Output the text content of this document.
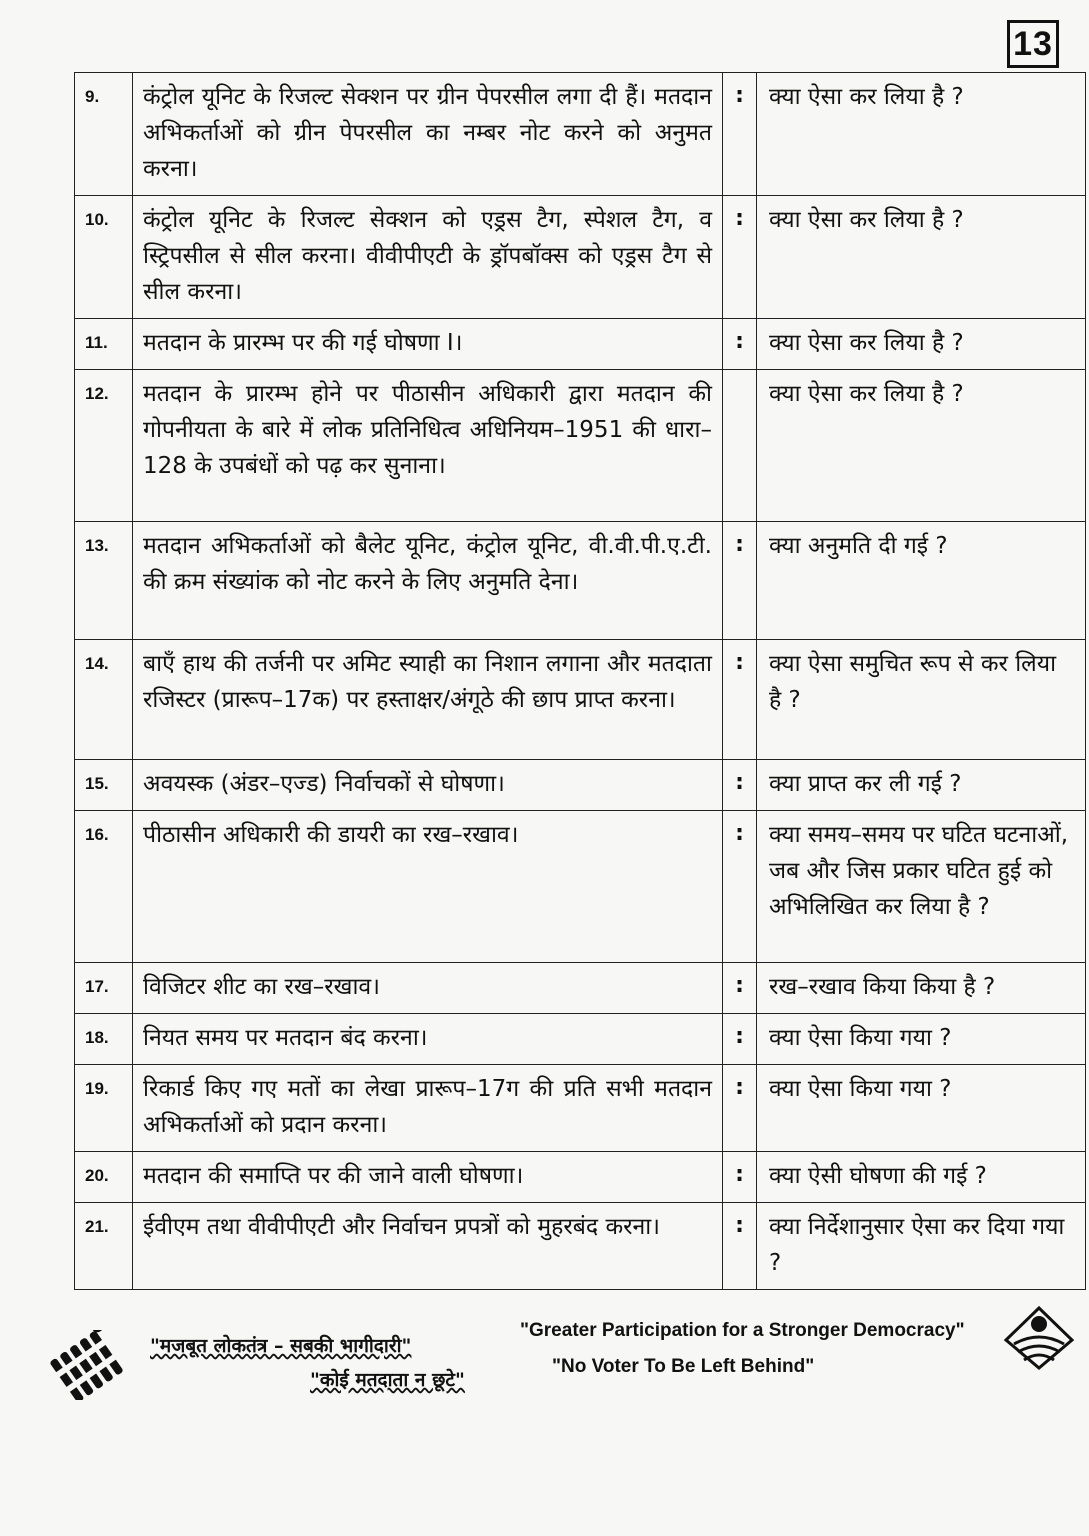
13
9.	कंट्रोल यूनिट के रिजल्ट सेक्शन पर ग्रीन पेपरसील लगा दी हैं। मतदान अभिकर्ताओं को ग्रीन पेपरसील का नम्बर नोट करने को अनुमत करना।	:	क्या ऐसा कर लिया है ?
10.	कंट्रोल यूनिट के रिजल्ट सेक्शन को एड्रस टैग, स्पेशल टैग, व स्ट्रिपसील से सील करना। वीवीपीएटी के ड्रॉपबॉक्स को एड्रस टैग से सील करना।	:	क्या ऐसा कर लिया है ?
11.	मतदान के प्रारम्भ पर की गई घोषणा I।	:	क्या ऐसा कर लिया है ?
12.	मतदान के प्रारम्भ होने पर पीठासीन अधिकारी द्वारा मतदान की गोपनीयता के बारे में लोक प्रतिनिधित्व अधिनियम–1951 की धारा–128 के उपबंधों को पढ़ कर सुनाना।		क्या ऐसा कर लिया है ?
13.	मतदान अभिकर्ताओं को बैलेट यूनिट, कंट्रोल यूनिट, वी.वी.पी.ए.टी. की क्रम संख्यांक को नोट करने के लिए अनुमति देना।	:	क्या अनुमति दी गई ?
14.	बाएँ हाथ की तर्जनी पर अमिट स्याही का निशान लगाना और मतदाता रजिस्टर (प्रारूप–17क) पर हस्ताक्षर/अंगूठे की छाप प्राप्त करना।	:	क्या ऐसा समुचित रूप से कर लिया है ?
15.	अवयस्क (अंडर–एज्ड) निर्वाचकों से घोषणा।	:	क्या प्राप्त कर ली गई ?
16.	पीठासीन अधिकारी की डायरी का रख–रखाव।	:	क्या समय–समय पर घटित घटनाओं, जब और जिस प्रकार घटित हुई को अभिलिखित कर लिया है ?
17.	विजिटर शीट का रख–रखाव।	:	रख–रखाव किया किया है ?
18.	नियत समय पर मतदान बंद करना।	:	क्या ऐसा किया गया ?
19.	रिकार्ड किए गए मतों का लेखा प्रारूप–17ग की प्रति सभी मतदान अभिकर्ताओं को प्रदान करना।	:	क्या ऐसा किया गया ?
20.	मतदान की समाप्ति पर की जाने वाली घोषणा।	:	क्या ऐसी घोषणा की गई ?
21.	ईवीएम तथा वीवीपीएटी और निर्वाचन प्रपत्रों को मुहरबंद करना।	:	क्या निर्देशानुसार ऐसा कर दिया गया ?
"मजबूत लोकतंत्र – सबकी भागीदारी"
"कोई मतदाता न छूटे"
"Greater Participation for a Stronger Democracy"
"No Voter To Be Left Behind"
